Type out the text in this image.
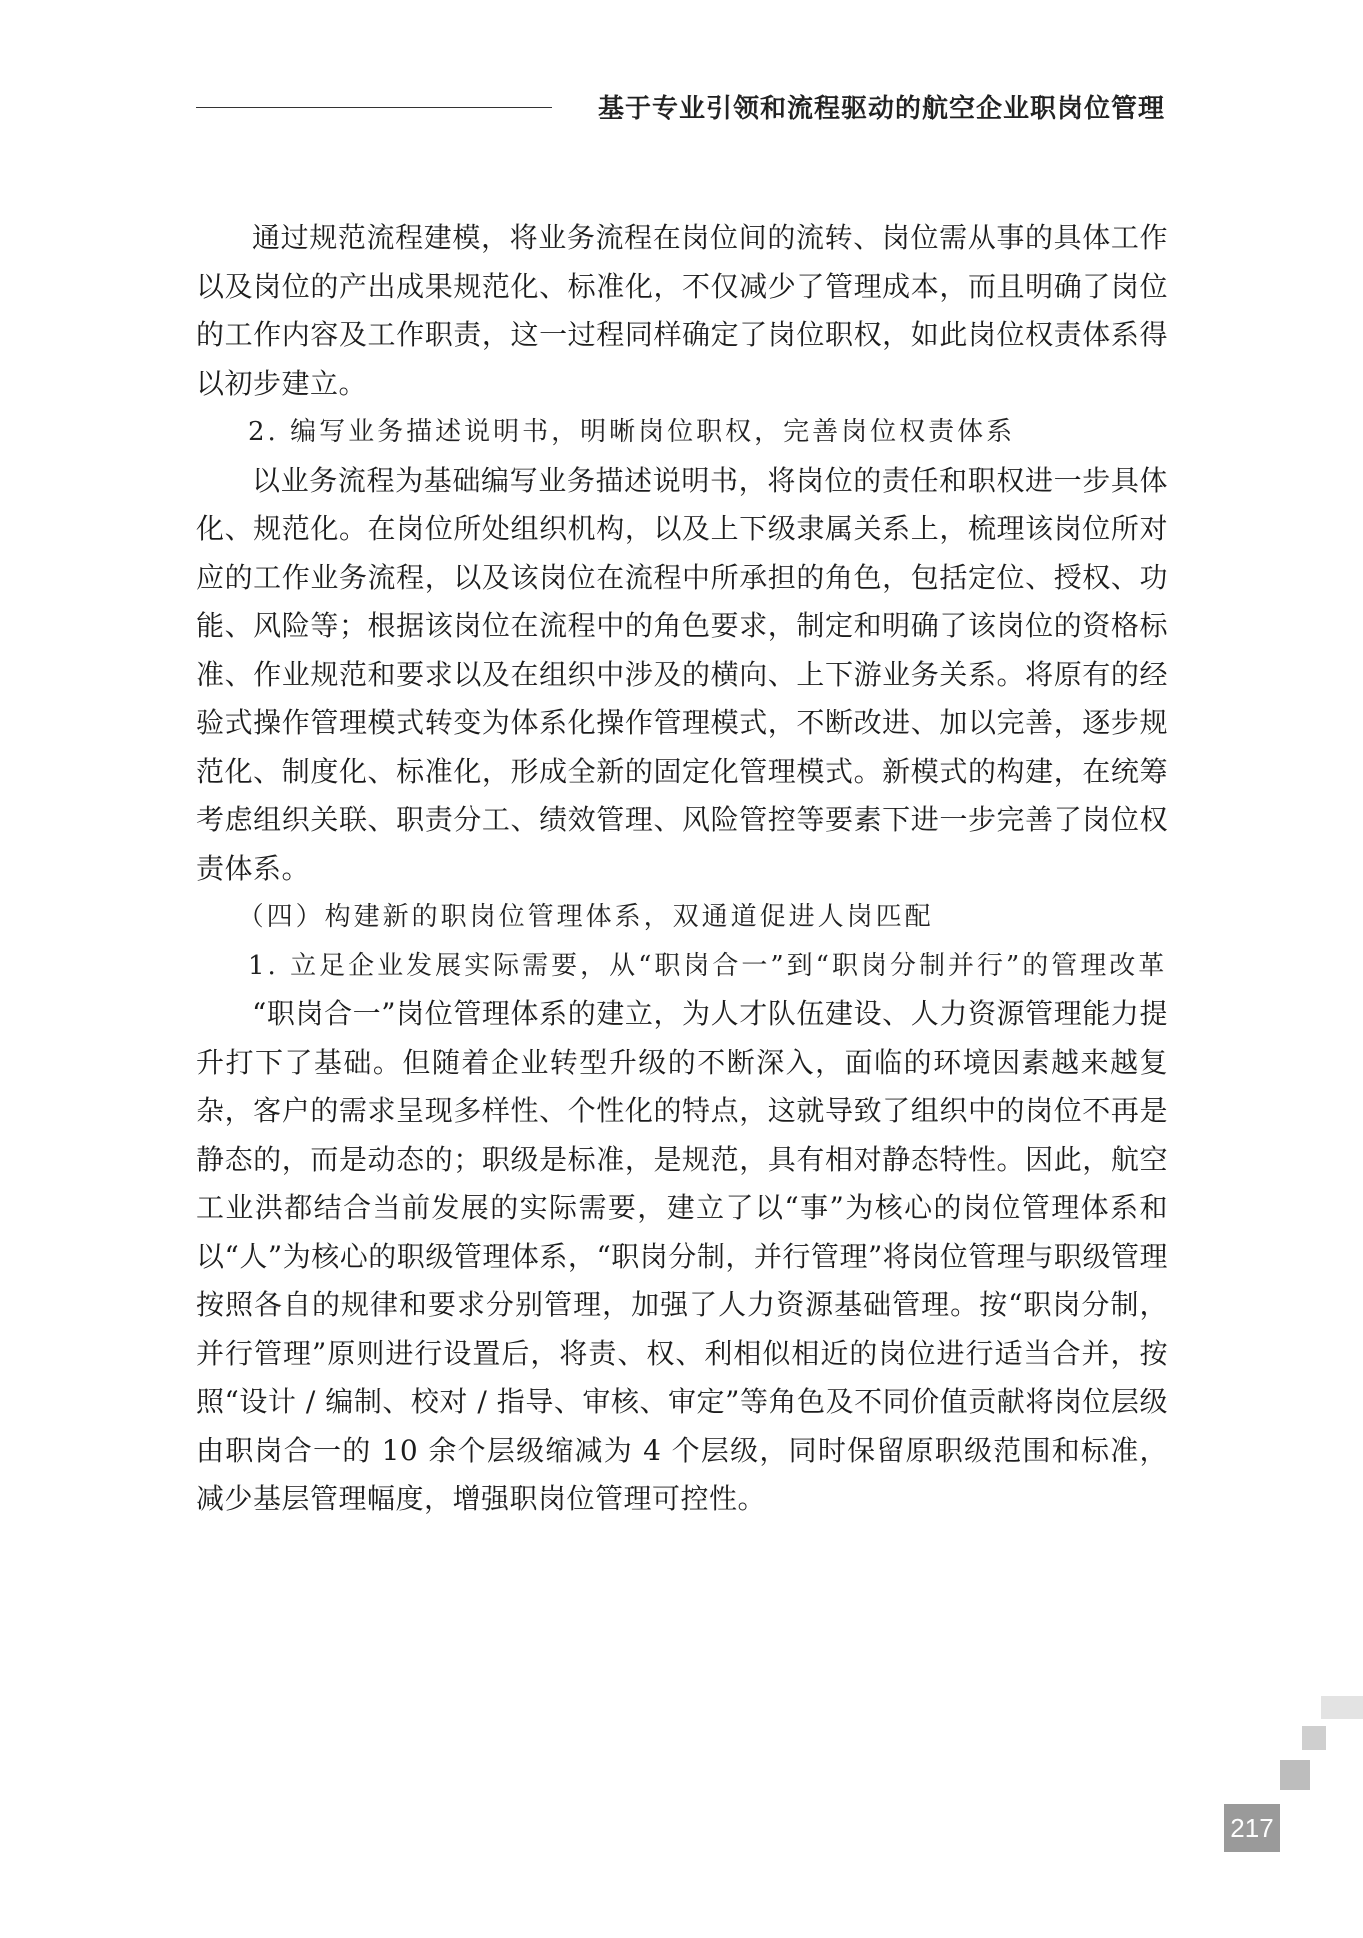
基于专业引领和流程驱动的航空企业职岗位管理

通过规范流程建模，将业务流程在岗位间的流转、岗位需从事的具体工作以及岗位的产出成果规范化、标准化，不仅减少了管理成本，而且明确了岗位的工作内容及工作职责，这一过程同样确定了岗位职权，如此岗位权责体系得以初步建立。

2. 编写业务描述说明书，明晰岗位职权，完善岗位权责体系

以业务流程为基础编写业务描述说明书，将岗位的责任和职权进一步具体化、规范化。在岗位所处组织机构，以及上下级隶属关系上，梳理该岗位所对应的工作业务流程，以及该岗位在流程中所承担的角色，包括定位、授权、功能、风险等；根据该岗位在流程中的角色要求，制定和明确了该岗位的资格标准、作业规范和要求以及在组织中涉及的横向、上下游业务关系。将原有的经验式操作管理模式转变为体系化操作管理模式，不断改进、加以完善，逐步规范化、制度化、标准化，形成全新的固定化管理模式。新模式的构建，在统筹考虑组织关联、职责分工、绩效管理、风险管控等要素下进一步完善了岗位权责体系。

（四）构建新的职岗位管理体系，双通道促进人岗匹配

1. 立足企业发展实际需要，从“职岗合一”到“职岗分制并行”的管理改革

“职岗合一”岗位管理体系的建立，为人才队伍建设、人力资源管理能力提升打下了基础。但随着企业转型升级的不断深入，面临的环境因素越来越复杂，客户的需求呈现多样性、个性化的特点，这就导致了组织中的岗位不再是静态的，而是动态的；职级是标准，是规范，具有相对静态特性。因此，航空工业洪都结合当前发展的实际需要，建立了以“事”为核心的岗位管理体系和以“人”为核心的职级管理体系，“职岗分制，并行管理”将岗位管理与职级管理按照各自的规律和要求分别管理，加强了人力资源基础管理。按“职岗分制，并行管理”原则进行设置后，将责、权、利相似相近的岗位进行适当合并，按照“设计 / 编制、校对 / 指导、审核、审定”等角色及不同价值贡献将岗位层级由职岗合一的 10 余个层级缩减为 4 个层级，同时保留原职级范围和标准，减少基层管理幅度，增强职岗位管理可控性。

217
